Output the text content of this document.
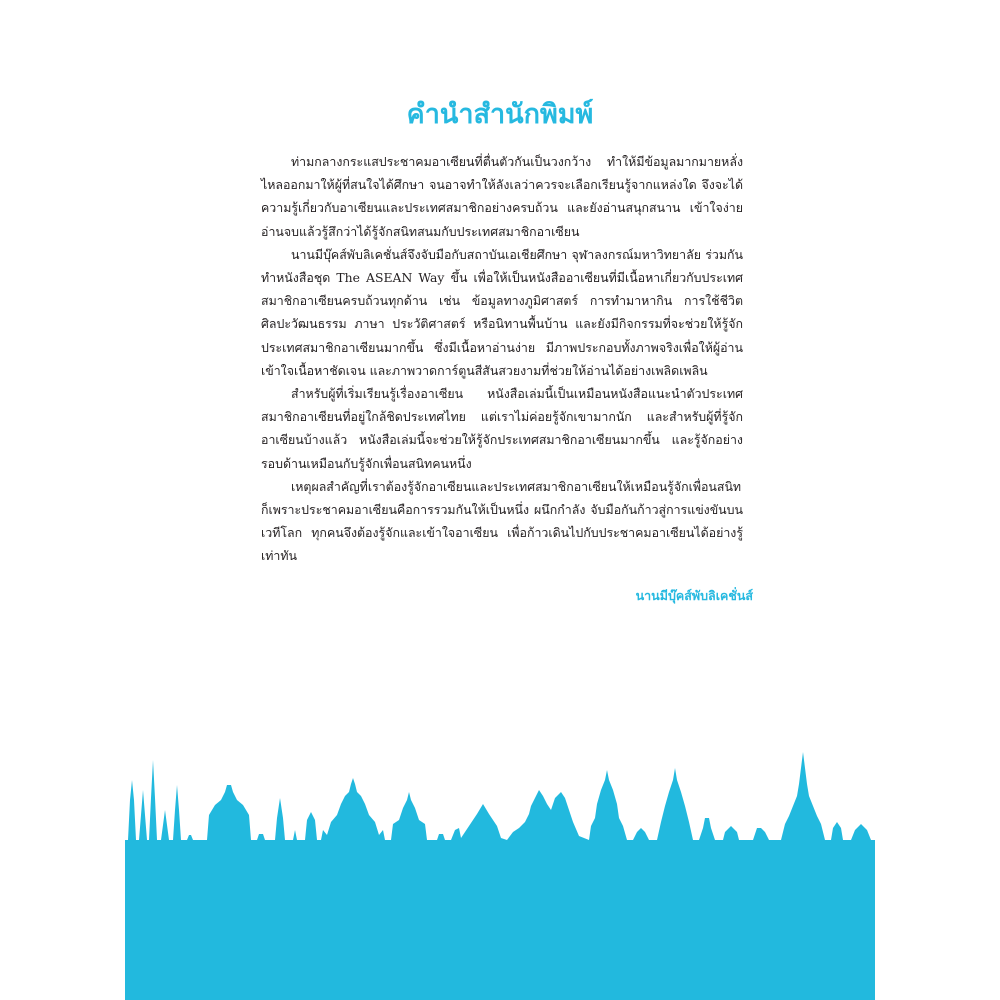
คำนำสำนักพิมพ์

ท่ามกลางกระแสประชาคมอาเซียนที่ตื่นตัวกันเป็นวงกว้าง ทำให้มีข้อมูลมากมายหลั่งไหลออกมาให้ผู้ที่สนใจได้ศึกษา จนอาจทำให้ลังเลว่าควรจะเลือกเรียนรู้จากแหล่งใด จึงจะได้ความรู้เกี่ยวกับอาเซียนและประเทศสมาชิกอย่างครบถ้วน และยังอ่านสนุกสนาน เข้าใจง่าย อ่านจบแล้วรู้สึกว่าได้รู้จักสนิทสนมกับประเทศสมาชิกอาเซียน

นานมีบุ๊คส์พับลิเคชั่นส์จึงจับมือกับสถาบันเอเชียศึกษา จุฬาลงกรณ์มหาวิทยาลัย ร่วมกันทำหนังสือชุด The ASEAN Way ขึ้น เพื่อให้เป็นหนังสืออาเซียนที่มีเนื้อหาเกี่ยวกับประเทศสมาชิกอาเซียนครบถ้วนทุกด้าน เช่น ข้อมูลทางภูมิศาสตร์ การทำมาหากิน การใช้ชีวิต ศิลปะวัฒนธรรม ภาษา ประวัติศาสตร์ หรือนิทานพื้นบ้าน และยังมีกิจกรรมที่จะช่วยให้รู้จักประเทศสมาชิกอาเซียนมากขึ้น ซึ่งมีเนื้อหาอ่านง่าย มีภาพประกอบทั้งภาพจริงเพื่อให้ผู้อ่านเข้าใจเนื้อหาชัดเจน และภาพวาดการ์ตูนสีสันสวยงามที่ช่วยให้อ่านได้อย่างเพลิดเพลิน

สำหรับผู้ที่เริ่มเรียนรู้เรื่องอาเซียน หนังสือเล่มนี้เป็นเหมือนหนังสือแนะนำตัวประเทศสมาชิกอาเซียนที่อยู่ใกล้ชิดประเทศไทย แต่เราไม่ค่อยรู้จักเขามากนัก และสำหรับผู้ที่รู้จักอาเซียนบ้างแล้ว หนังสือเล่มนี้จะช่วยให้รู้จักประเทศสมาชิกอาเซียนมากขึ้น และรู้จักอย่างรอบด้านเหมือนกับรู้จักเพื่อนสนิทคนหนึ่ง

เหตุผลสำคัญที่เราต้องรู้จักอาเซียนและประเทศสมาชิกอาเซียนให้เหมือนรู้จักเพื่อนสนิท ก็เพราะประชาคมอาเซียนคือการรวมกันให้เป็นหนึ่ง ผนึกกำลัง จับมือกันก้าวสู่การแข่งขันบนเวทีโลก ทุกคนจึงต้องรู้จักและเข้าใจอาเซียน เพื่อก้าวเดินไปกับประชาคมอาเซียนได้อย่างรู้เท่าทัน

นานมีบุ๊คส์พับลิเคชั่นส์
